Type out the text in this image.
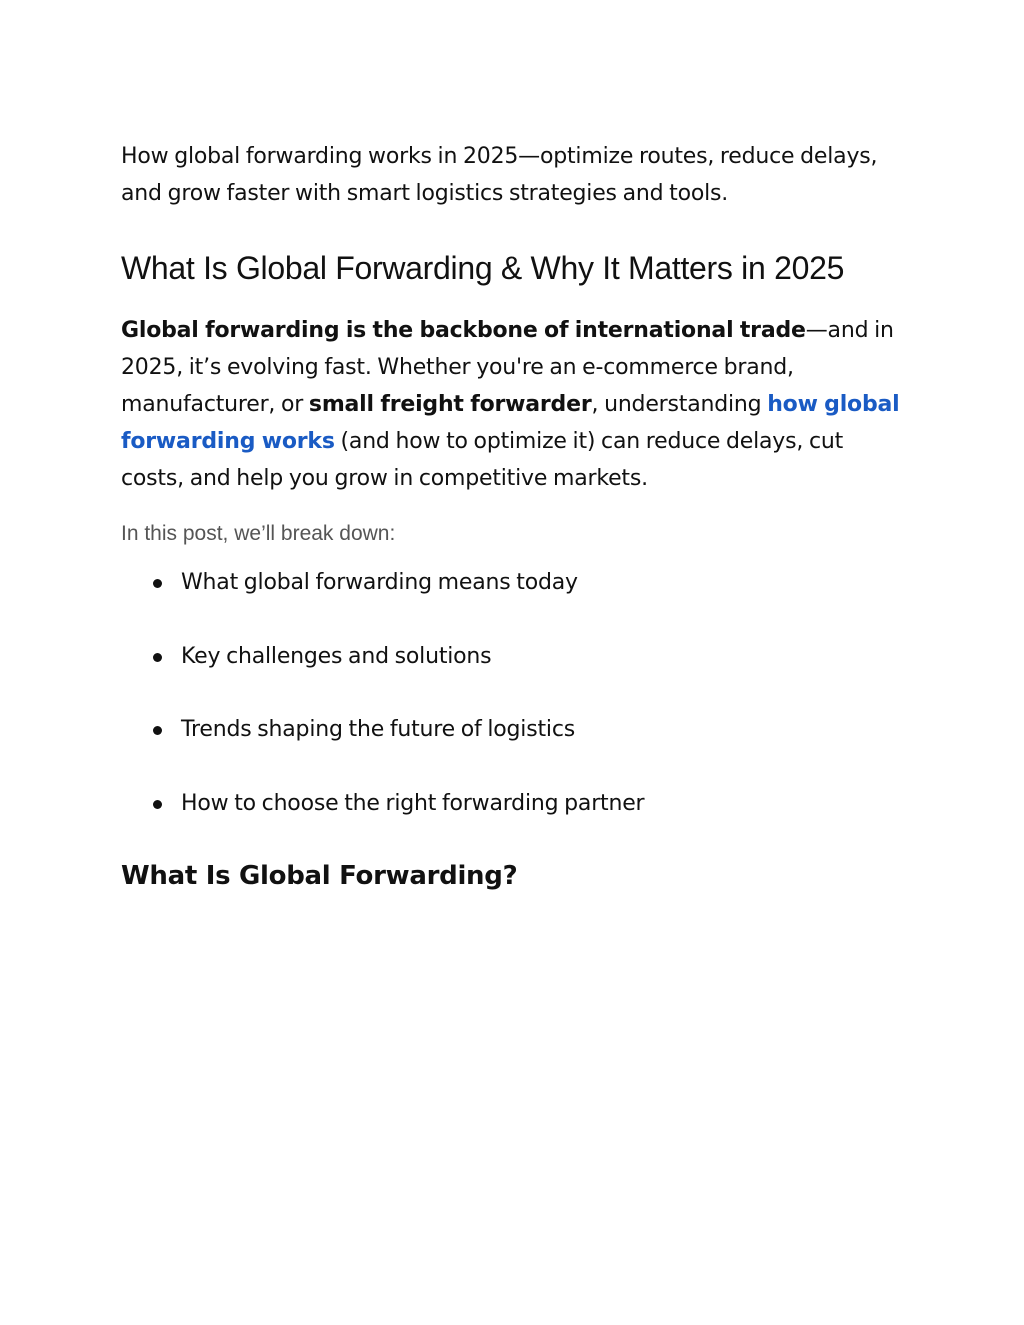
How global forwarding works in 2025—optimize routes, reduce delays, and grow faster with smart logistics strategies and tools.

What Is Global Forwarding & Why It Matters in 2025

Global forwarding is the backbone of international trade—and in 2025, it’s evolving fast. Whether you're an e-commerce brand, manufacturer, or small freight forwarder, understanding how global forwarding works (and how to optimize it) can reduce delays, cut costs, and help you grow in competitive markets.

In this post, we’ll break down:

What global forwarding means today
Key challenges and solutions
Trends shaping the future of logistics
How to choose the right forwarding partner
What Is Global Forwarding?
